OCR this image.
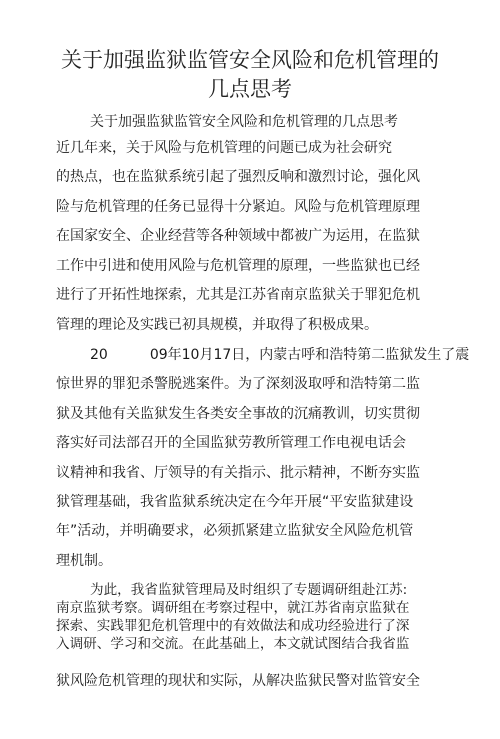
关于加强监狱监管安全风险和危机管理的
几点思考
关于加强监狱监管安全风险和危机管理的几点思考
近几年来，关于风险与危机管理的问题已成为社会研究
的热点，也在监狱系统引起了强烈反响和激烈讨论，强化风
险与危机管理的任务已显得十分紧迫。风险与危机管理原理
在国家安全、企业经营等各种领域中都被广为运用，在监狱
工作中引进和使用风险与危机管理的原理，一些监狱也已经
进行了开拓性地探索，尤其是江苏省南京监狱关于罪犯危机
管理的理论及实践已初具规模，并取得了积极成果。
20	09年10月17日，内蒙古呼和浩特第二监狱发生了震
惊世界的罪犯杀警脱逃案件。为了深刻汲取呼和浩特第二监
狱及其他有关监狱发生各类安全事故的沉痛教训，切实贯彻
落实好司法部召开的全国监狱劳教所管理工作电视电话会
议精神和我省、厅领导的有关指示、批示精神，不断夯实监
狱管理基础，我省监狱系统决定在今年开展“平安监狱建设
年”活动，并明确要求，必须抓紧建立监狱安全风险危机管
理机制。
为此，我省监狱管理局及时组织了专题调研组赴江苏:
南京监狱考察。调研组在考察过程中，就江苏省南京监狱在
探索、实践罪犯危机管理中的有效做法和成功经验进行了深
入调研、学习和交流。在此基础上，本文就试图结合我省监
狱风险危机管理的现状和实际，从解决监狱民警对监管安全
